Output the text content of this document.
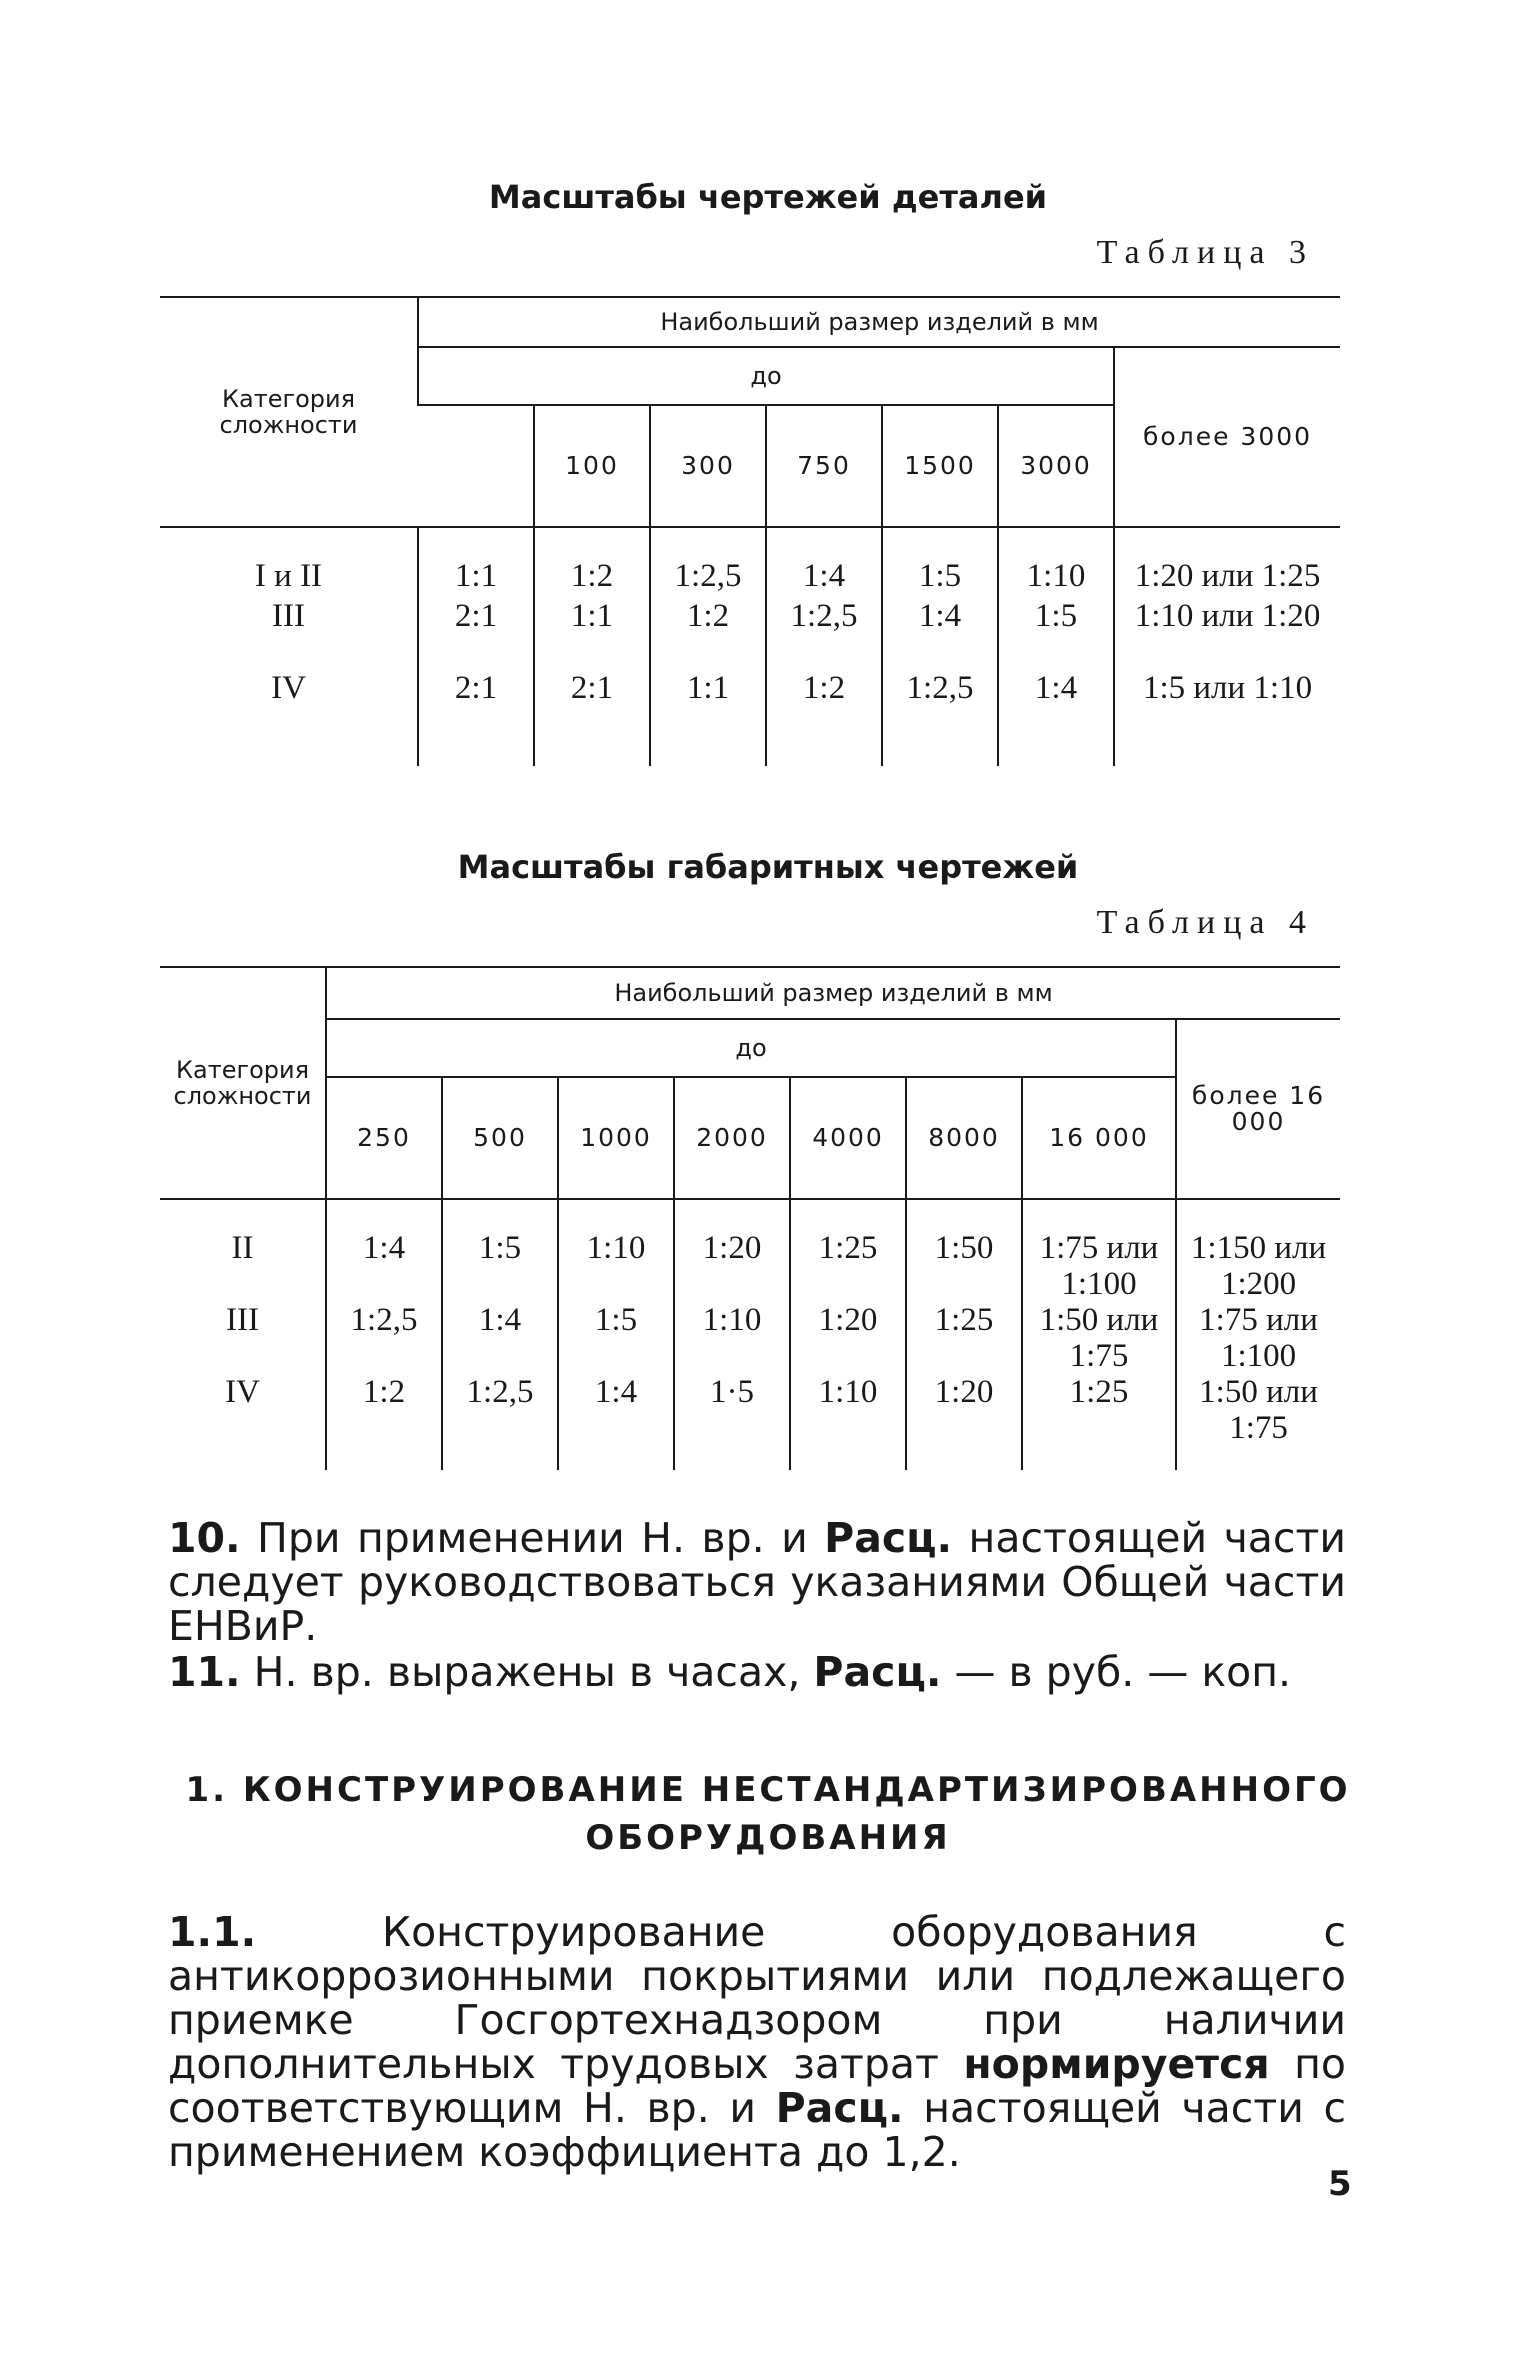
Масштабы чертежей деталей
Таблица 3
Категория сложности	Наибольший размер изделий в мм						
	до						более 3000
		100	300	750	1500	3000	
I и II	1:1	1:2	1:2,5	1:4	1:5	1:10	1:20 или 1:25
III	2:1	1:1	1:2	1:2,5	1:4	1:5	1:10 или 1:20
IV	2:1	2:1	1:1	1:2	1:2,5	1:4	1:5 или 1:10
Масштабы габаритных чертежей
Таблица 4
Категория сложности	Наибольший размер изделий в мм							
	до							более 16 000
	250	500	1000	2000	4000	8000	16 000	
II	1:4	1:5	1:10	1:20	1:25	1:50	1:75 или 1:100	1:150 или 1:200
III	1:2,5	1:4	1:5	1:10	1:20	1:25	1:50 или 1:75	1:75 или 1:100
IV	1:2	1:2,5	1:4	1·5	1:10	1:20	1:25	1:50 или 1:75
10. При применении Н. вр. и Расц. настоящей части следует руководствоваться указаниями Общей части ЕНВиР.
11. Н. вр. выражены в часах, Расц. — в руб. — коп.
1. КОНСТРУИРОВАНИЕ НЕСТАНДАРТИЗИРОВАННОГО
ОБОРУДОВАНИЯ
1.1. Конструирование оборудования с антикоррозионными покрытиями или подлежащего приемке Госгортехнадзором при наличии дополнительных трудовых затрат нормируется по соответствующим Н. вр. и Расц. настоящей части с применением коэффициента до 1,2.
5
